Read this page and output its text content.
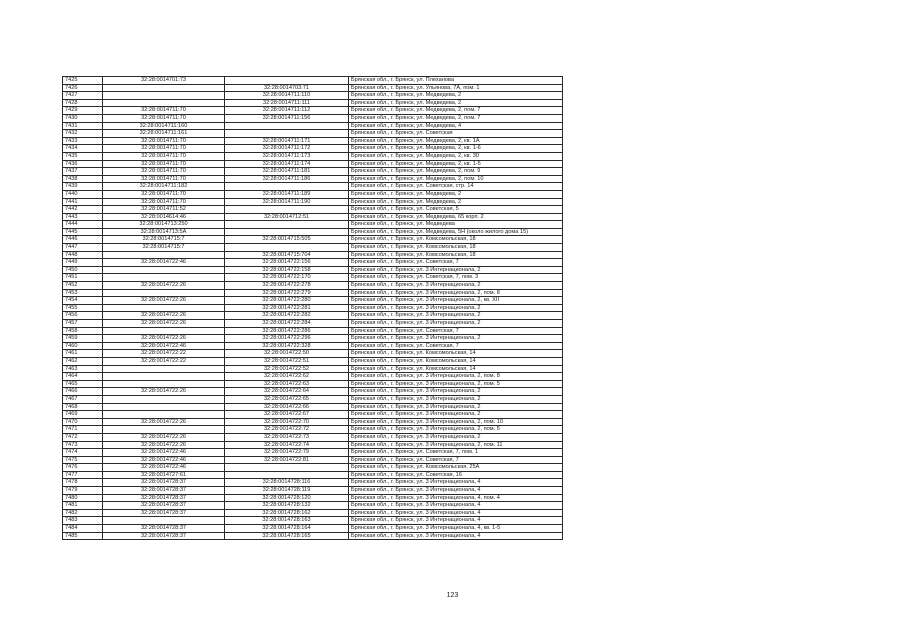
7425	32:28:0014701:73		Брянская обл., г. Брянск, ул. Плеханова
7426		32:28:0014703:71	Брянская обл., г. Брянск, ул. Ульянова, 7А, пом. 1
7427		32:28:0014711:110	Брянская обл., г. Брянск, ул. Медведева, 2
7428		32:28:0014711:111	Брянская обл., г. Брянск, ул. Медведева, 2
7429	32:28:0014711:70	32:28:0014711:112	Брянская обл., г. Брянск, ул. Медведева, 2, пом. 7
7430	32:28:0014711:70	32:28:0014711:156	Брянская обл., г. Брянск, ул. Медведева, 2, пом. 7
7431	32:28:0014711:160		Брянская обл., г. Брянск, ул. Медведева, 4
7432	32:28:0014711:161		Брянская обл., г. Брянск, ул. Советская
7433	32:28:0014711:70	32:28:0014711:171	Брянская обл., г. Брянск, ул. Медведева, 2, кв. 1А
7434	32:28:0014711:70	32:28:0014711:172	Брянская обл., г. Брянск, ул. Медведева, 2, кв. 1-6
7435	32:28:0014711:70	32:28:0014711:173	Брянская обл., г. Брянск, ул. Медведева, 2, кв. 30
7436	32:28:0014711:70	32:28:0014711:174	Брянская обл., г. Брянск, ул. Медведева, 2, кв. 1-5
7437	32:28:0014711:70	32:28:0014711:181	Брянская обл., г. Брянск, ул. Медведева, 2, пом. 9
7438	32:28:0014711:70	32:28:0014711:186	Брянская обл., г. Брянск, ул. Медведева, 2, пом. 10
7439	32:28:0014711:182		Брянская обл., г. Брянск, ул. Советская, стр. 14
7440	32:28:0014711:70	32:28:0014711:189	Брянская обл., г. Брянск, ул. Медведева, 2
7441	32:28:0014711:70	32:28:0014711:190	Брянская обл., г. Брянск, ул. Медведева, 2
7442	32:28:0014711:52		Брянская обл., г. Брянск, ул. Советская, 5
7443	32:28:0014614:46	32:28:0014712:51	Брянская обл., г. Брянск, ул. Медведева, 65 корп. 2
7444	32:28:0014713:250		Брянская обл., г. Брянск, ул. Медведева
7445	32:28:0014713:5А		Брянская обл., г. Брянск, ул. Медведева, 5Н (около жилого дома 15)
7446	32:28:0014715:7	32:28:0014715:505	Брянская обл., г. Брянск, ул. Комсомольская, 18
7447	32:28:0014715:7		Брянская обл., г. Брянск, ул. Комсомольская, 18
7448		32:28:0014715:704	Брянская обл., г. Брянск, ул. Комсомольская, 18
7449	32:28:0014722:46	32:28:0014722:156	Брянская обл., г. Брянск, ул. Советская, 7
7450		32:28:0014722:158	Брянская обл., г. Брянск, ул. 3 Интернационала, 2
7451		32:28:0014722:170	Брянская обл., г. Брянск, ул. Советская, 7, пом. 3
7452	32:28:0014722:26	32:28:0014722:278	Брянская обл., г. Брянск, ул. 3 Интернационала, 2
7453		32:28:0014722:279	Брянская обл., г. Брянск, ул. 3 Интернационала, 2, пом. 8
7454	32:28:0014722:26	32:28:0014722:280	Брянская обл., г. Брянск, ул. 3 Интернационала, 2, кв. XII
7455		32:28:0014722:281	Брянская обл., г. Брянск, ул. 3 Интернационала, 2
7456	32:28:0014722:26	32:28:0014722:282	Брянская обл., г. Брянск, ул. 3 Интернационала, 2
7457	32:28:0014722:26	32:28:0014722:284	Брянская обл., г. Брянск, ул. 3 Интернационала, 2
7458		32:28:0014722:286	Брянская обл., г. Брянск, ул. Советская, 7
7459	32:28:0014722:26	32:28:0014722:296	Брянская обл., г. Брянск, ул. 3 Интернационала, 2
7460	32:28:0014722:46	32:28:0014722:328	Брянская обл., г. Брянск, ул. Советская, 7
7461	32:28:0014722:22	32:28:0014722:50	Брянская обл., г. Брянск, ул. Комсомольская, 14
7462	32:28:0014722:22	32:28:0014722:51	Брянская обл., г. Брянск, ул. Комсомольская, 14
7463		32:28:0014722:52	Брянская обл., г. Брянск, ул. Комсомольская, 14
7464		32:28:0014722:62	Брянская обл., г. Брянск, ул. 3 Интернационала, 2, пом. 8
7465		32:28:0014722:63	Брянская обл., г. Брянск, ул. 3 Интернационала, 2, пом. 5
7466	32:28:0014722:26	32:28:0014722:64	Брянская обл., г. Брянск, ул. 3 Интернационала, 2
7467		32:28:0014722:65	Брянская обл., г. Брянск, ул. 3 Интернационала, 2
7468		32:28:0014722:66	Брянская обл., г. Брянск, ул. 3 Интернационала, 2
7469		32:28:0014722:67	Брянская обл., г. Брянск, ул. 3 Интернационала, 2
7470	32:28:0014722:26	32:28:0014722:70	Брянская обл., г. Брянск, ул. 3 Интернационала, 2, пом. 10
7471		32:28:0014722:72	Брянская обл., г. Брянск, ул. 3 Интернационала, 2, пом. 5
7472	32:28:0014722:26	32:28:0014722:73	Брянская обл., г. Брянск, ул. 3 Интернационала, 2
7473	32:28:0014722:26	32:28:0014722:74	Брянская обл., г. Брянск, ул. 3 Интернационала, 2, пом. 11
7474	32:28:0014722:46	32:28:0014722:79	Брянская обл., г. Брянск, ул. Советская, 7, пом. 1
7475	32:28:0014722:46	32:28:0014722:81	Брянская обл., г. Брянск, ул. Советская, 7
7476	32:28:0014722:46		Брянская обл., г. Брянск, ул. Комсомольская, 25А
7477	32:28:0014727:61		Брянская обл., г. Брянск, ул. Советская, 16
7478	32:28:0014728:37	32:28:0014728:116	Брянская обл., г. Брянск, ул. 3 Интернационала, 4
7479	32:28:0014728:37	32:28:0014728:119	Брянская обл., г. Брянск, ул. 3 Интернационала, 4
7480	32:28:0014728:37	32:28:0014728:120	Брянская обл., г. Брянск, ул. 3 Интернационала, 4, пом. 4
7481	32:28:0014728:37	32:28:0014728:132	Брянская обл., г. Брянск, ул. 3 Интернационала, 4
7482	32:28:0014728:37	32:28:0014728:162	Брянская обл., г. Брянск, ул. 3 Интернационала, 4
7483		32:28:0014728:163	Брянская обл., г. Брянск, ул. 3 Интернационала, 4
7484	32:28:0014728:37	32:28:0014728:164	Брянская обл., г. Брянск, ул. 3 Интернационала, 4, кв. 1-5
7485	32:28:0014728:37	32:28:0014728:165	Брянская обл., г. Брянск, ул. 3 Интернационала, 4
123
